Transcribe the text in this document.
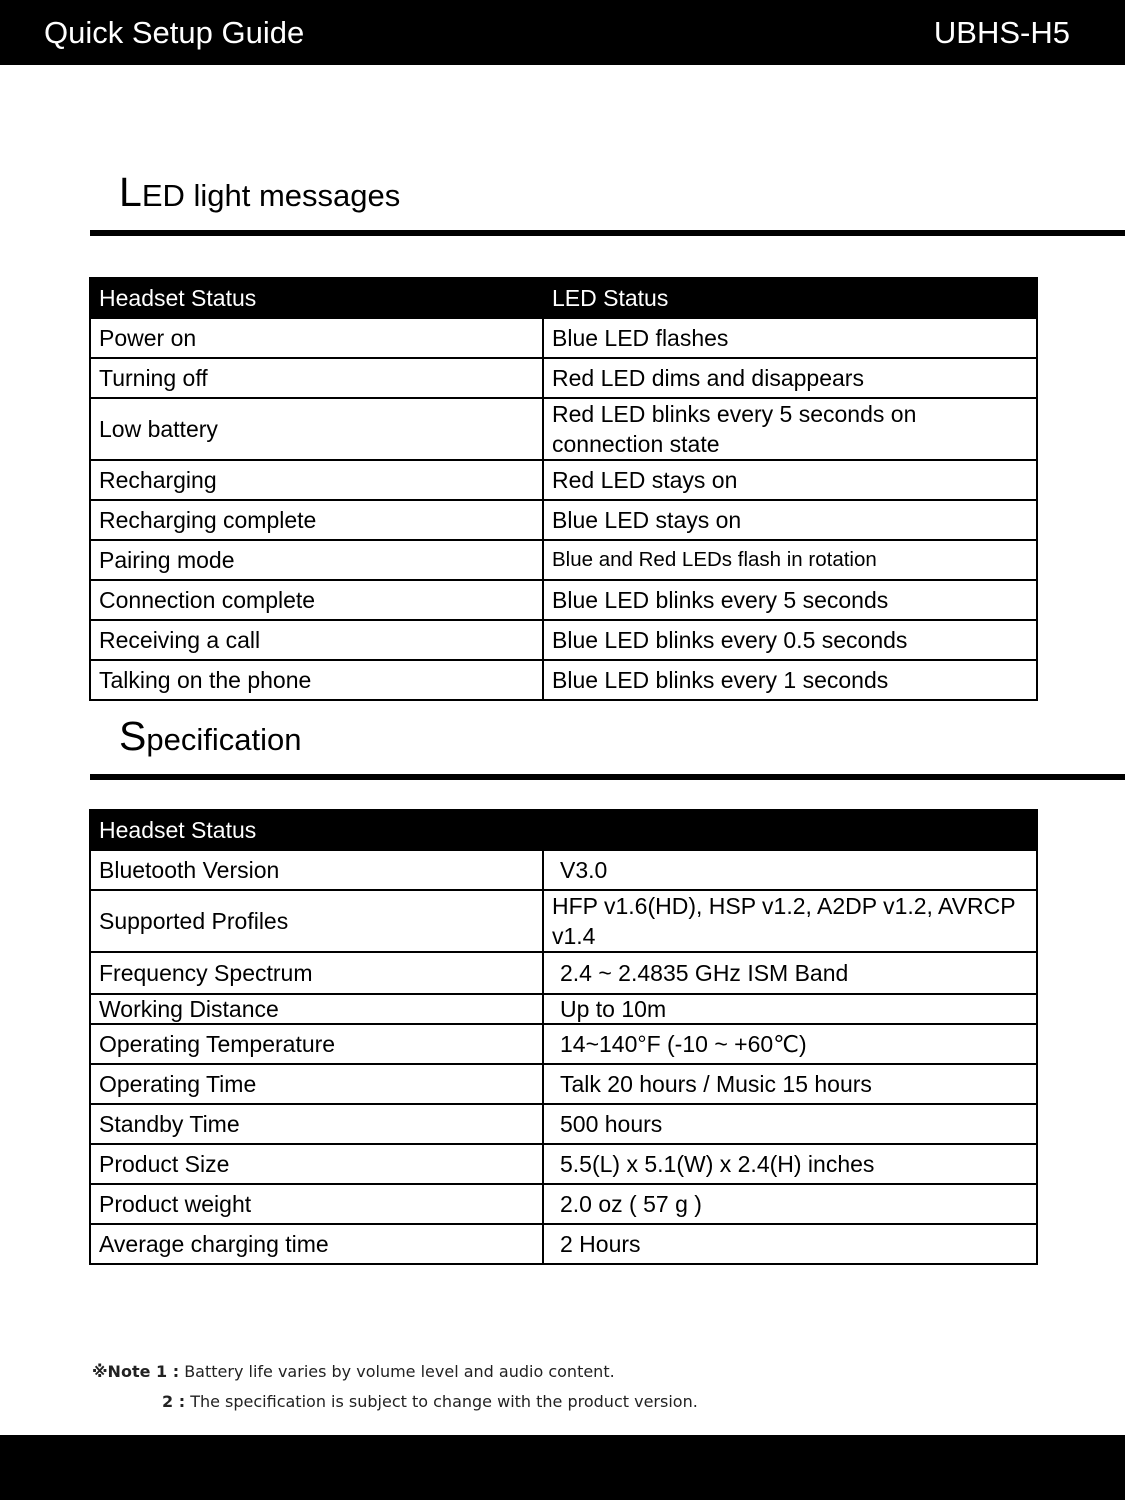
Quick Setup Guide	UBHS-H5
LED light messages
Headset Status	LED Status
Power on	Blue LED flashes
Turning off	Red LED dims and disappears
Low battery	Red LED blinks every 5 seconds on connection state
Recharging	Red LED stays on
Recharging complete	Blue LED stays on
Pairing mode	Blue and Red LEDs flash in rotation
Connection complete	Blue LED blinks every 5 seconds
Receiving a call	Blue LED blinks every 0.5 seconds
Talking on the phone	Blue LED blinks every 1 seconds
Specification
Headset Status	
Bluetooth Version	V3.0
Supported Profiles	HFP v1.6(HD), HSP v1.2, A2DP v1.2, AVRCP v1.4
Frequency Spectrum	2.4 ~ 2.4835 GHz ISM Band
Working Distance	Up to 10m
Operating Temperature	14~140°F (-10 ~ +60℃)
Operating Time	Talk 20 hours / Music 15 hours
Standby Time	500 hours
Product Size	5.5(L) x 5.1(W) x 2.4(H) inches
Product weight	2.0 oz ( 57 g )
Average charging time	2 Hours
※Note 1 : Battery life varies by volume level and audio content.
2 : The specification is subject to change with the product version.
